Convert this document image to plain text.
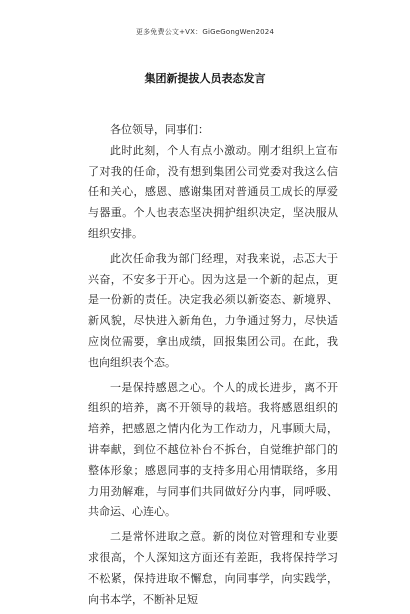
更多免费公文+VX：GiGeGongWen2024
集团新提拔人员表态发言

各位领导，同事们：

此时此刻，个人有点小激动。刚才组织上宣布了对我的任命，没有想到集团公司党委对我这么信任和关心，感恩、感谢集团对普通员工成长的厚爱与器重。个人也表态坚决拥护组织决定，坚决服从组织安排。

此次任命我为部门经理，对我来说，忐忑大于兴奋，不安多于开心。因为这是一个新的起点，更是一份新的责任。决定我必须以新姿态、新境界、新风貌，尽快进入新角色，力争通过努力，尽快适应岗位需要，拿出成绩，回报集团公司。在此，我也向组织表个态。

一是保持感恩之心。个人的成长进步，离不开组织的培养，离不开领导的栽培。我将感恩组织的培养，把感恩之情内化为工作动力，凡事顾大局，讲奉献，到位不越位补台不拆台，自觉维护部门的整体形象；感恩同事的支持多用心用情联络，多用力用劲解难，与同事们共同做好分内事，同呼吸、共命运、心连心。

二是常怀进取之意。新的岗位对管理和专业要求很高，个人深知这方面还有差距，我将保持学习不松紧，保持进取不懈怠，向同事学，向实践学，向书本学，不断补足短
